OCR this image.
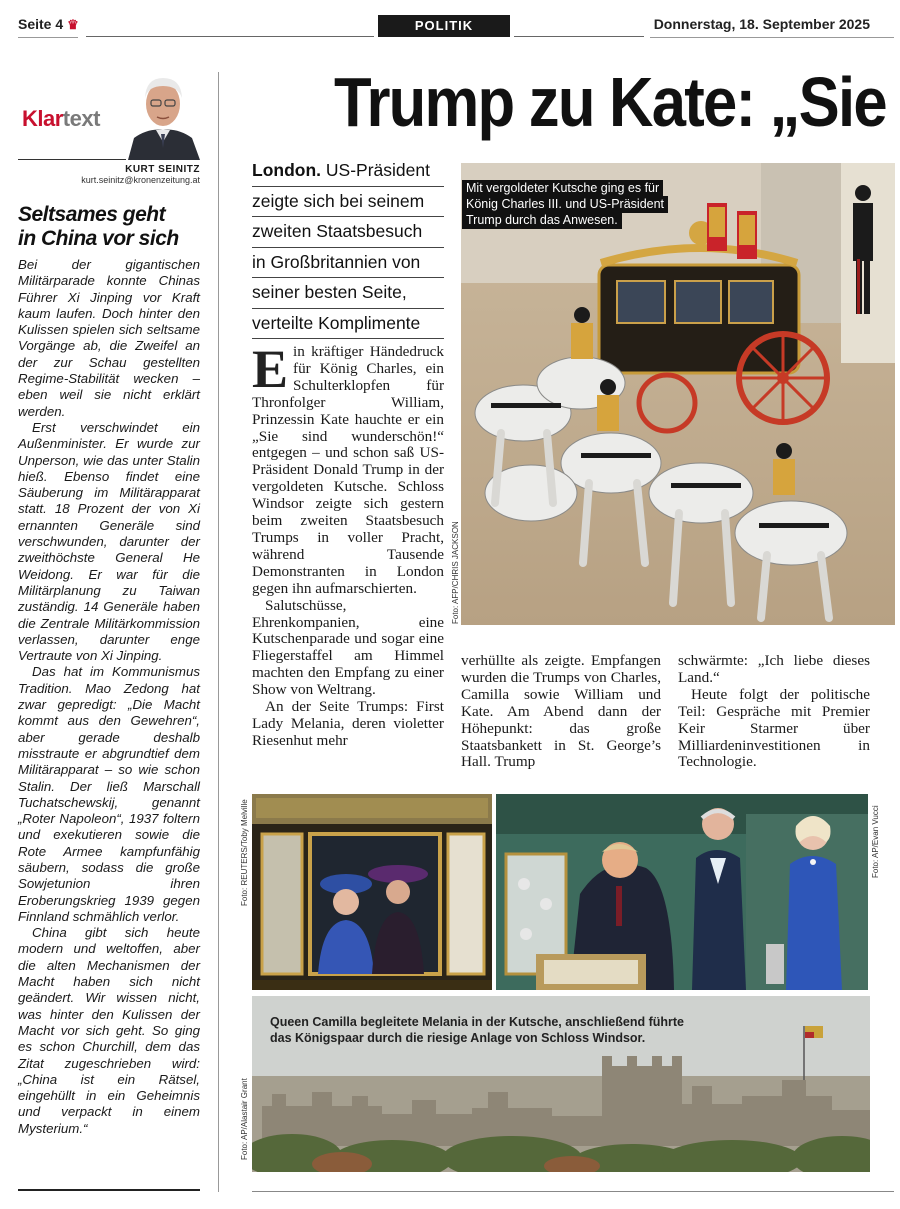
Seite 4 ♛	POLITIK	Donnerstag, 18. September 2025
Klartext
KURT SEINITZ
kurt.seinitz@kronenzeitung.at
Seltsames geht
in China vor sich

Bei der gigantischen Militärparade konnte Chinas Führer Xi Jinping vor Kraft kaum laufen. Doch hinter den Kulissen spielen sich seltsame Vorgänge ab, die Zweifel an der zur Schau gestellten Regime-Stabilität wecken – eben weil sie nicht erklärt werden.

Erst verschwindet ein Außenminister. Er wurde zur Unperson, wie das unter Stalin hieß. Ebenso findet eine Säuberung im Militärapparat statt. 18 Prozent der von Xi ernannten Generäle sind verschwunden, darunter der zweithöchste General He Weidong. Er war für die Militärplanung zu Taiwan zuständig. 14 Generäle haben die Zentrale Militärkommission verlassen, darunter enge Vertraute von Xi Jinping.

Das hat im Kommunismus Tradition. Mao Zedong hat zwar gepredigt: „Die Macht kommt aus den Gewehren“, aber gerade deshalb misstraute er abgrundtief dem Militärapparat – so wie schon Stalin. Der ließ Marschall Tuchatschewskij, genannt „Roter Napoleon“, 1937 foltern und exekutieren sowie die Rote Armee kampfunfähig säubern, sodass die große Sowjetunion ihren Eroberungskrieg 1939 gegen Finnland schmählich verlor.

China gibt sich heute modern und weltoffen, aber die alten Mechanismen der Macht haben sich nicht geändert. Wir wissen nicht, was hinter den Kulissen der Macht vor sich geht. So ging es schon Churchill, dem das Zitat zugeschrieben wird: „China ist ein Rätsel, eingehüllt in ein Geheimnis und verpackt in einem Mysterium.“

Trump zu Kate: „Sie
London. US-Präsident
zeigte sich bei seinem
zweiten Staatsbesuch
in Großbritannien von
seiner besten Seite,
verteilte Komplimente

Ein kräftiger Händedruck für König Charles, ein Schulterklopfen für Thronfolger William, Prinzessin Kate hauchte er ein „Sie sind wunderschön!“ entgegen – und schon saß US-Präsident Donald Trump in der vergoldeten Kutsche. Schloss Windsor zeigte sich gestern beim zweiten Staatsbesuch Trumps in voller Pracht, während Tausende Demonstranten in London gegen ihn aufmarschierten.

Salutschüsse, Ehrenkompanien, eine Kutschenparade und sogar eine Fliegerstaffel am Himmel machten den Empfang zu einer Show von Weltrang.

An der Seite Trumps: First Lady Melania, deren violetter Riesenhut mehr

Mit vergoldeter Kutsche ging es für
König Charles III. und US-Präsident
Trump durch das Anwesen.
Foto: AFP/CHRIS JACKSON

verhüllte als zeigte. Empfangen wurden die Trumps von Charles, Camilla sowie William und Kate. Am Abend dann der Höhepunkt: das große Staatsbankett in St. George’s Hall. Trump

schwärmte: „Ich liebe dieses Land.“

Heute folgt der politische Teil: Gespräche mit Premier Keir Starmer über Milliardeninvestitionen in Technologie.

Foto: REUTERS/Toby Melville	Foto: AP/Evan Vucci
Queen Camilla begleitete Melania in der Kutsche, anschließend führte
das Königspaar durch die riesige Anlage von Schloss Windsor.
Foto: AP/Alastair Grant
